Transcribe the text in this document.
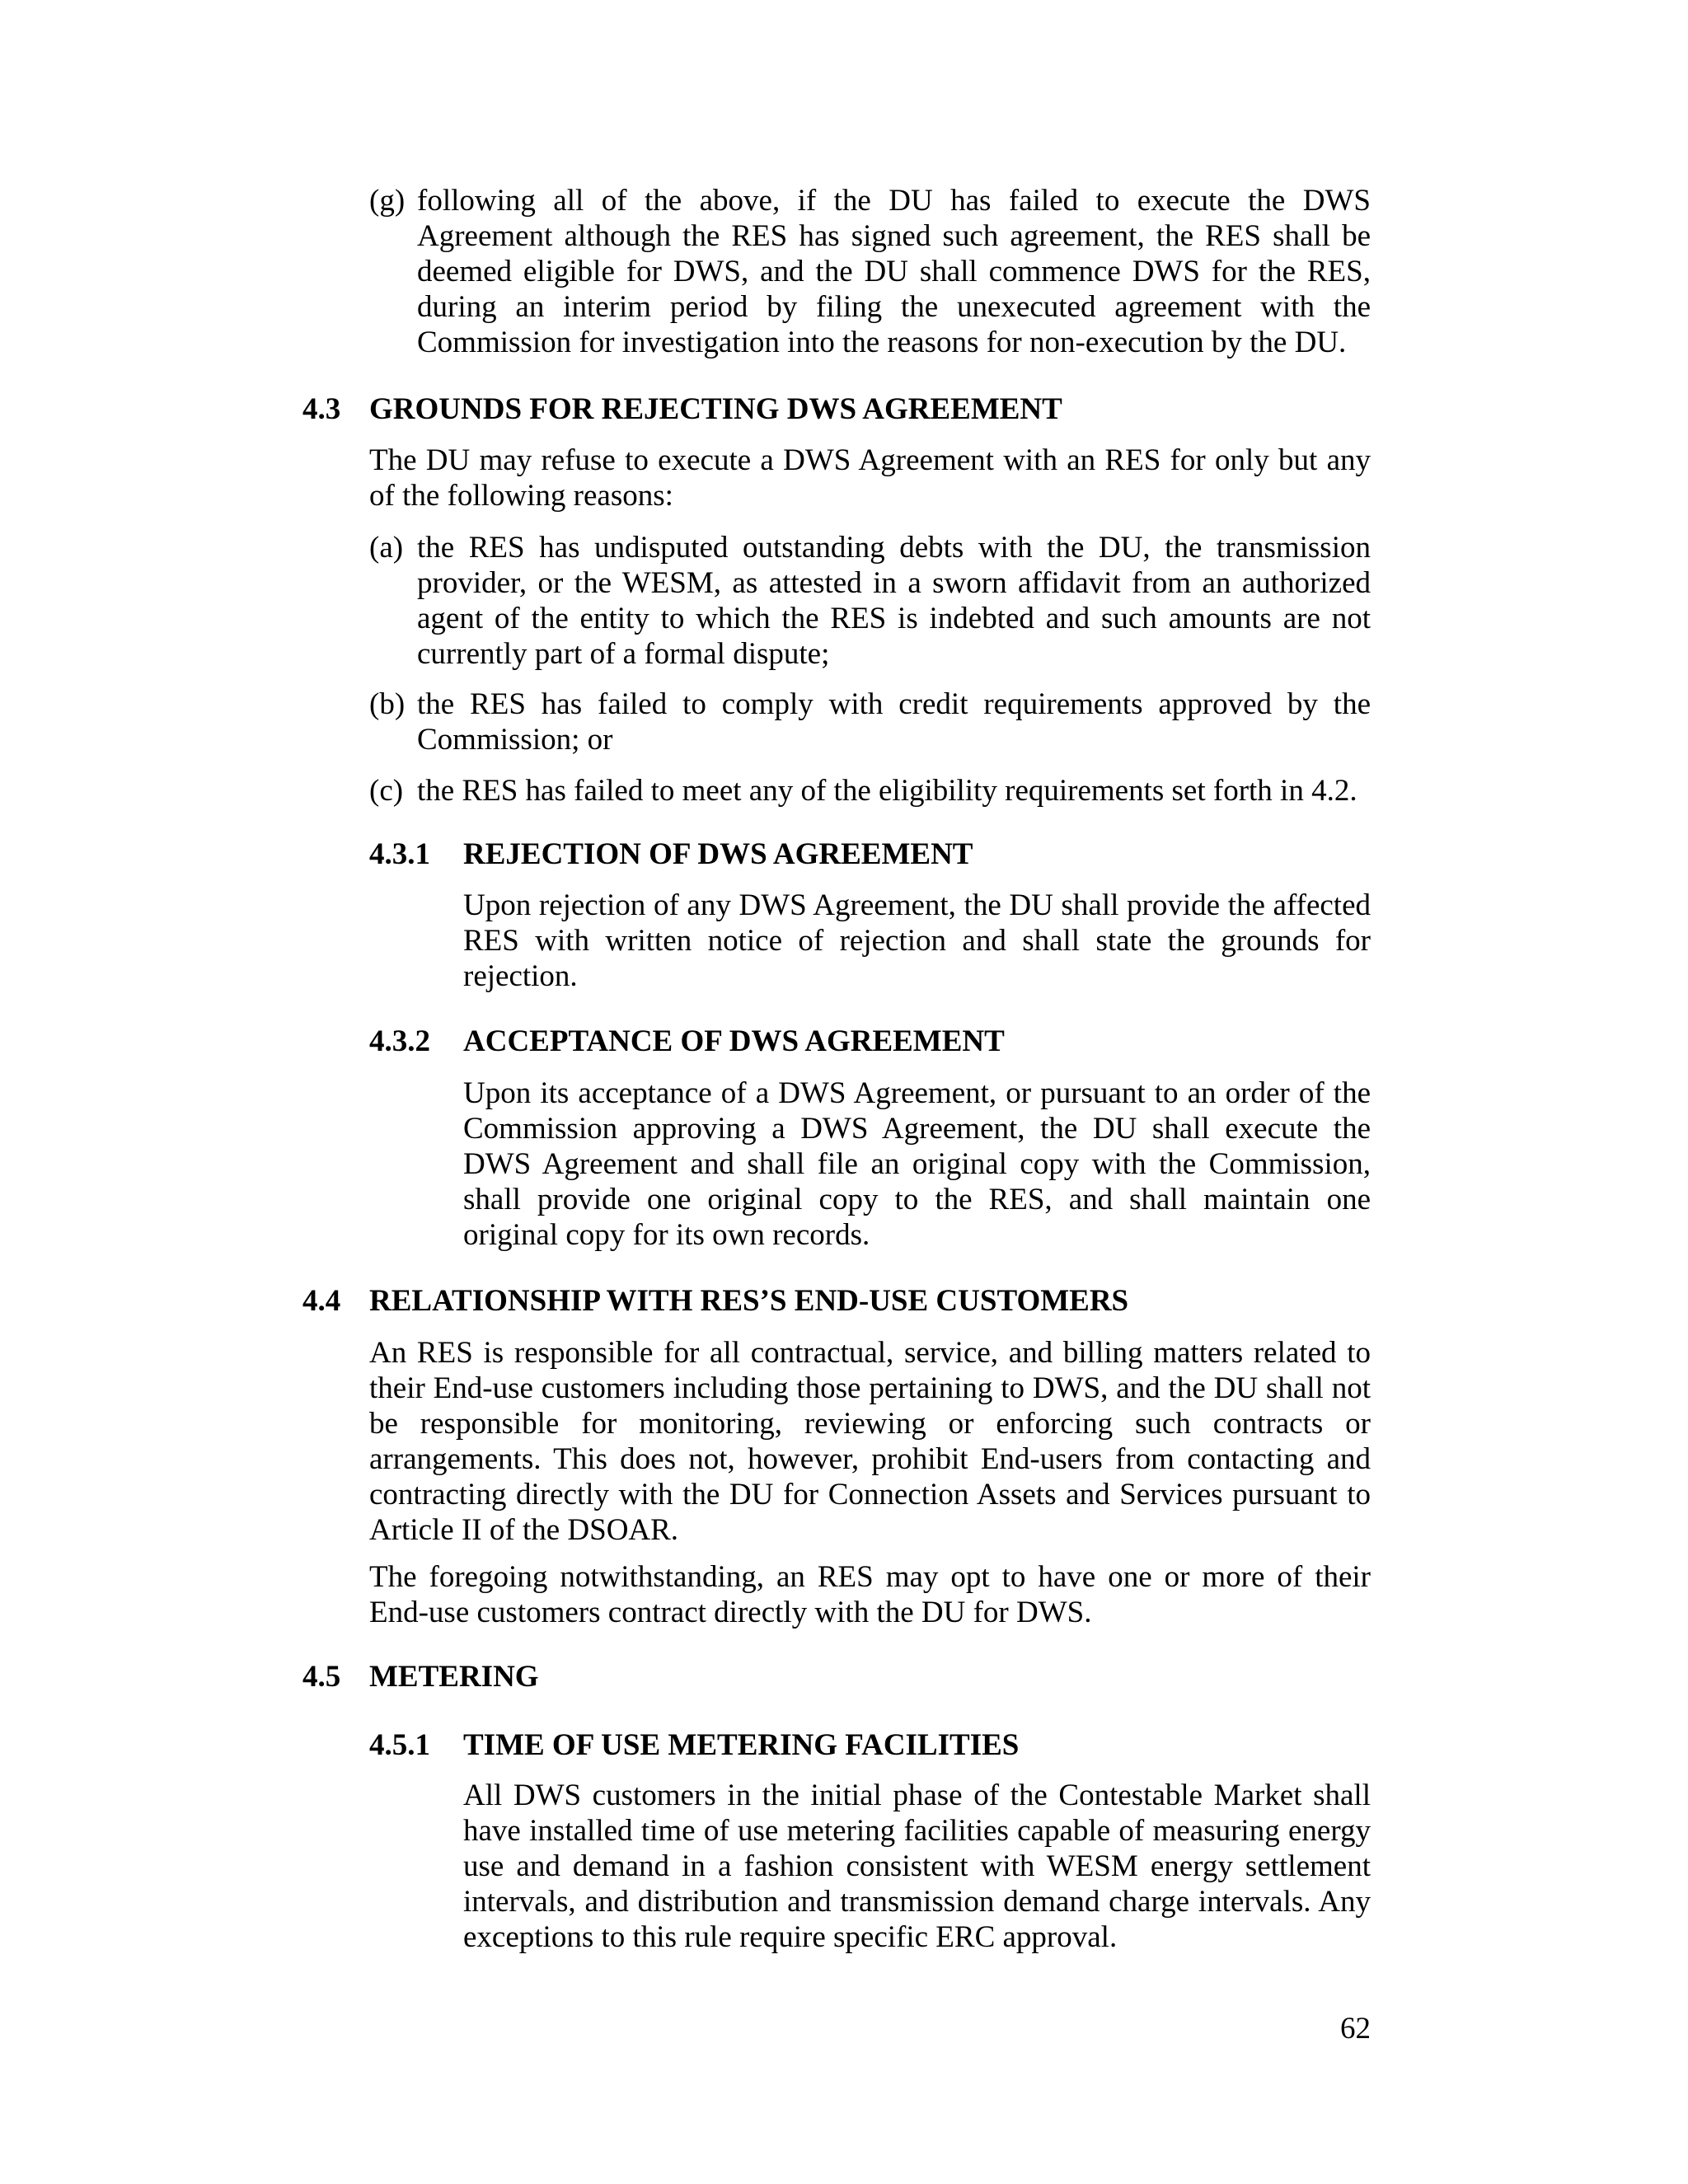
(g) following all of the above, if the DU has failed to execute the DWS Agreement although the RES has signed such agreement, the RES shall be deemed eligible for DWS, and the DU shall commence DWS for the RES, during an interim period by filing the unexecuted agreement with the Commission for investigation into the reasons for non-execution by the DU.
4.3 GROUNDS FOR REJECTING DWS AGREEMENT

The DU may refuse to execute a DWS Agreement with an RES for only but any of the following reasons:

(a) the RES has undisputed outstanding debts with the DU, the transmission provider, or the WESM, as attested in a sworn affidavit from an authorized agent of the entity to which the RES is indebted and such amounts are not currently part of a formal dispute;
(b) the RES has failed to comply with credit requirements approved by the Commission; or
(c) the RES has failed to meet any of the eligibility requirements set forth in 4.2.
4.3.1 REJECTION OF DWS AGREEMENT

Upon rejection of any DWS Agreement, the DU shall provide the affected RES with written notice of rejection and shall state the grounds for rejection.

4.3.2 ACCEPTANCE OF DWS AGREEMENT

Upon its acceptance of a DWS Agreement, or pursuant to an order of the Commission approving a DWS Agreement, the DU shall execute the DWS Agreement and shall file an original copy with the Commission, shall provide one original copy to the RES, and shall maintain one original copy for its own records.

4.4 RELATIONSHIP WITH RES’S END-USE CUSTOMERS

An RES is responsible for all contractual, service, and billing matters related to their End-use customers including those pertaining to DWS, and the DU shall not be responsible for monitoring, reviewing or enforcing such contracts or arrangements. This does not, however, prohibit End-users from contacting and contracting directly with the DU for Connection Assets and Services pursuant to Article II of the DSOAR.

The foregoing notwithstanding, an RES may opt to have one or more of their End-use customers contract directly with the DU for DWS.

4.5 METERING
4.5.1 TIME OF USE METERING FACILITIES

All DWS customers in the initial phase of the Contestable Market shall have installed time of use metering facilities capable of measuring energy use and demand in a fashion consistent with WESM energy settlement intervals, and distribution and transmission demand charge intervals. Any exceptions to this rule require specific ERC approval.

62
